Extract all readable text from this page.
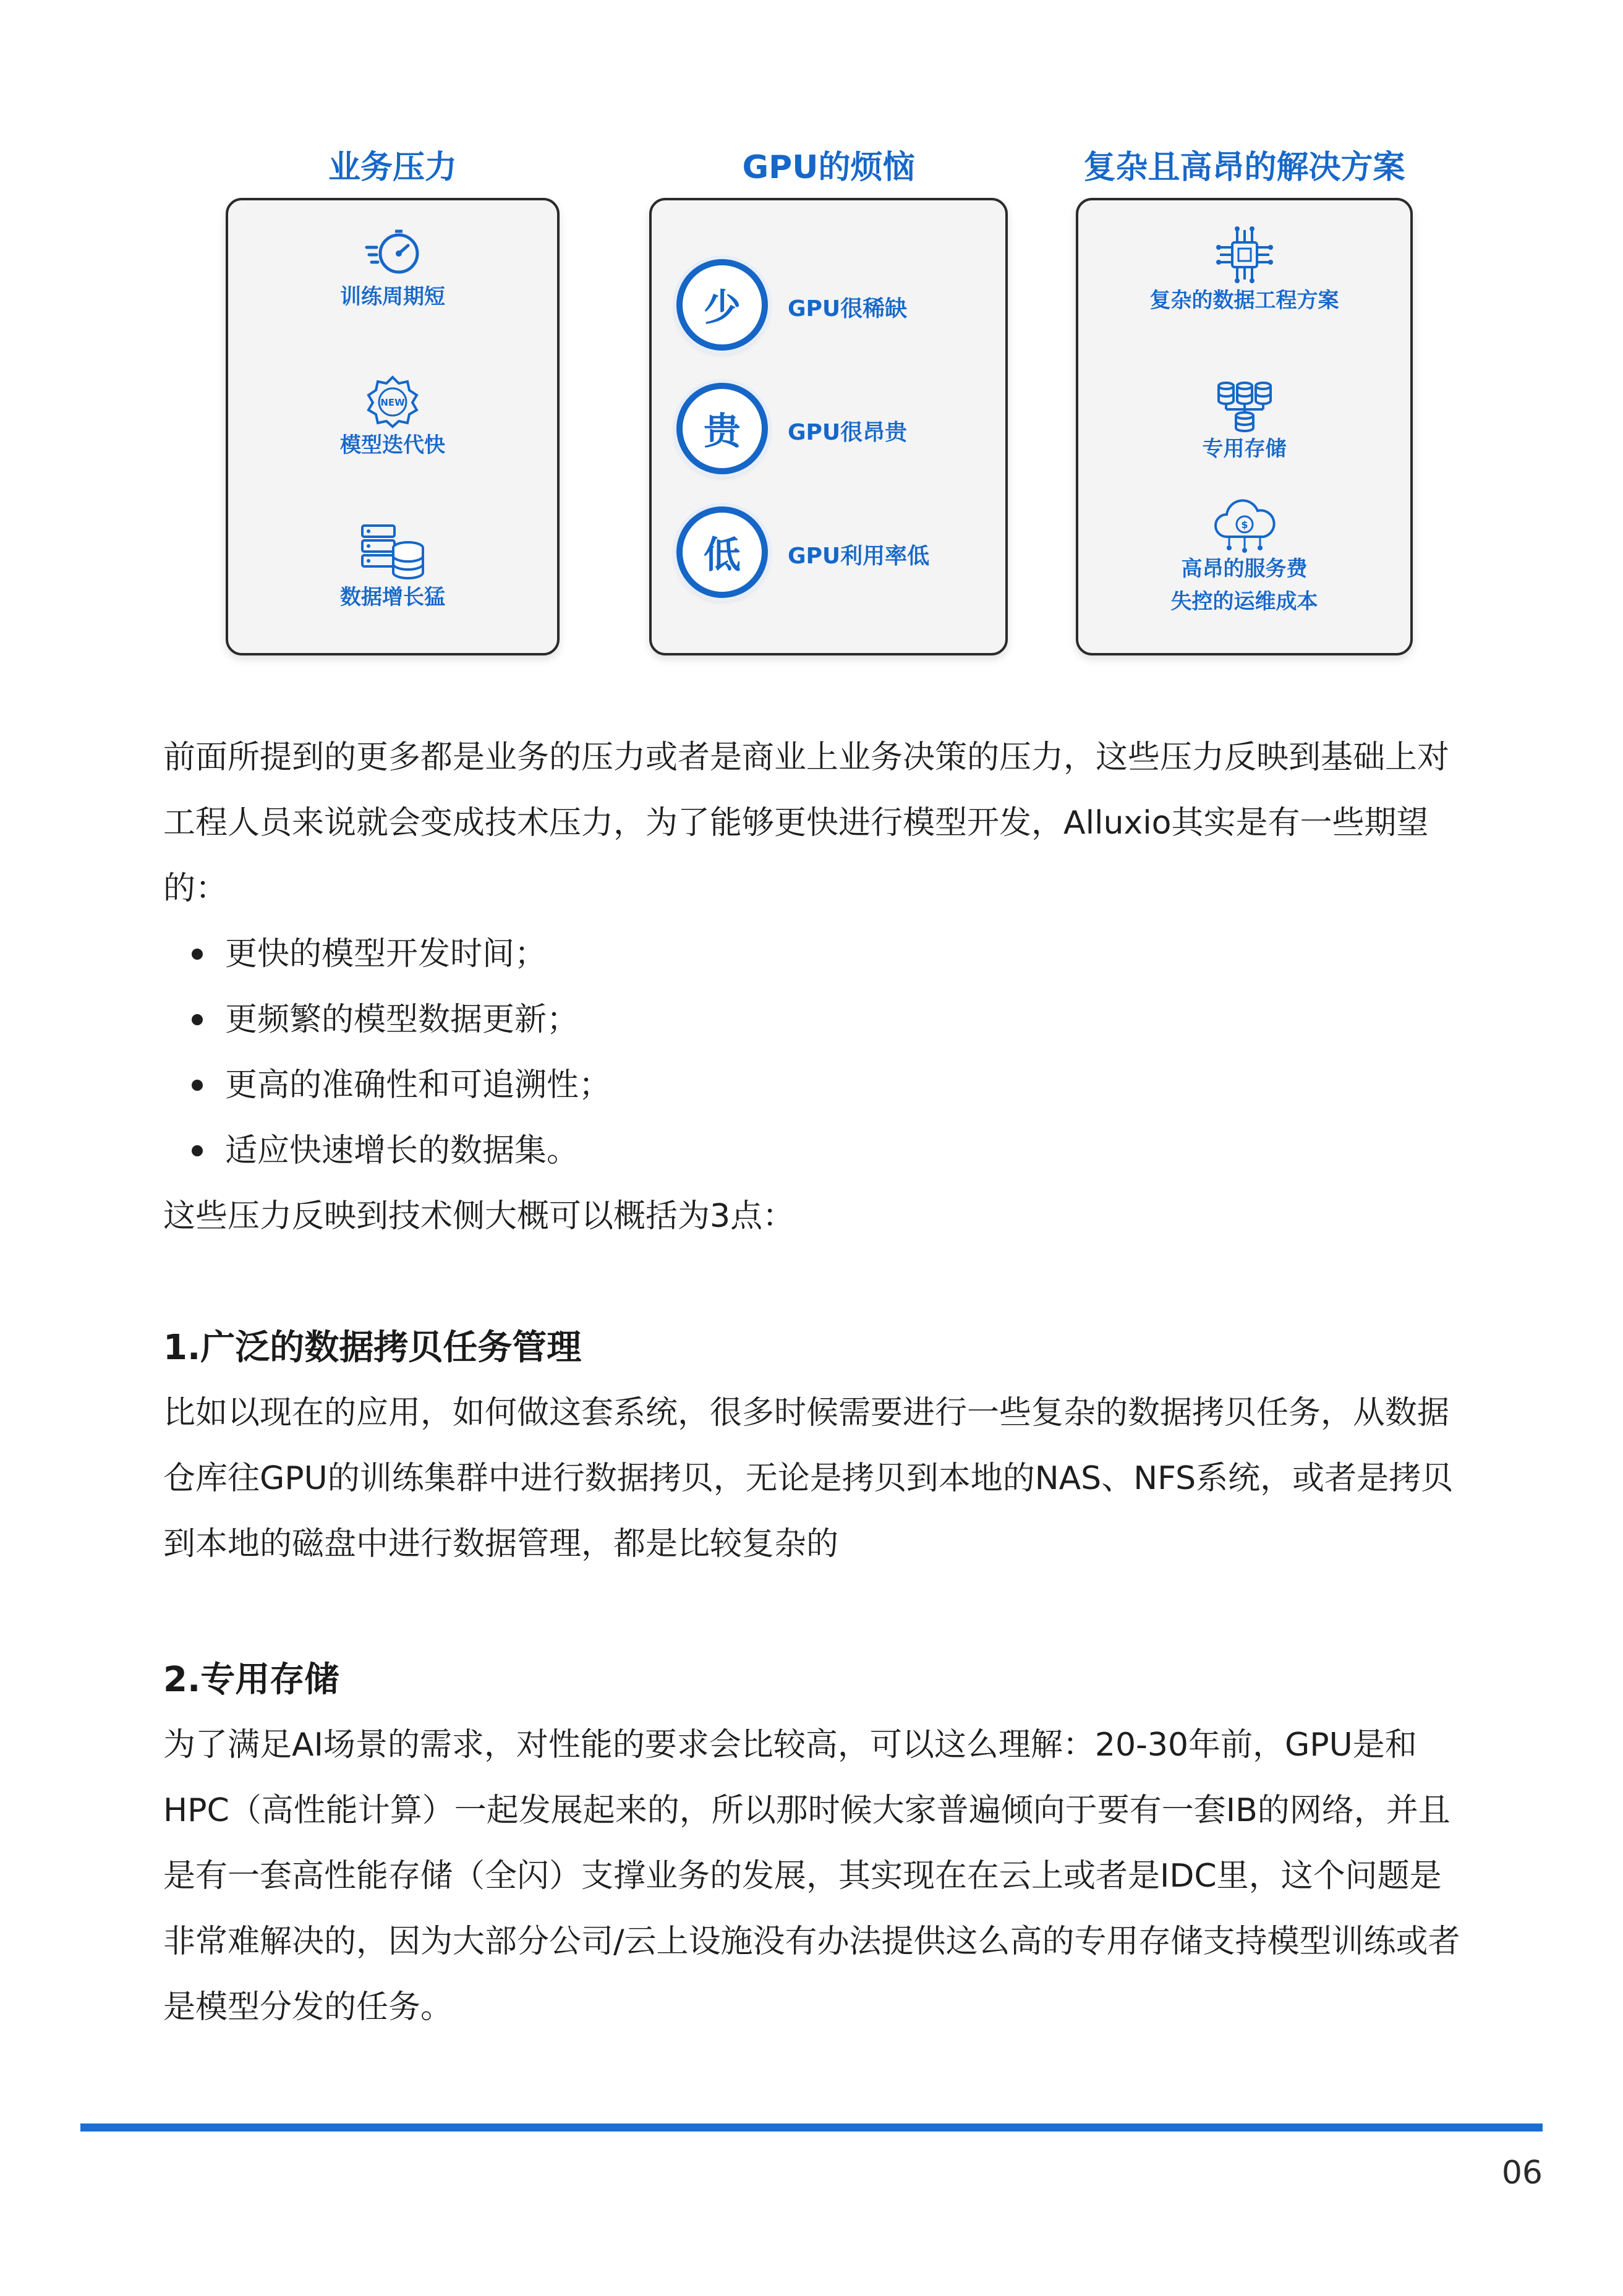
业务压力	GPU的烦恼	复杂且高昂的解决方案
训练周期短
NEW
模型迭代快
数据增长猛
少	GPU很稀缺
贵	GPU很昂贵
低	GPU利用率低
复杂的数据工程方案
专用存储
$
高昂的服务费
失控的运维成本

前面所提到的更多都是业务的压力或者是商业上业务决策的压力，这些压力反映到基础上对工程人员来说就会变成技术压力，为了能够更快进行模型开发，Alluxio其实是有一些期望的：

更快的模型开发时间；
更频繁的模型数据更新；
更高的准确性和可追溯性；
适应快速增长的数据集。

这些压力反映到技术侧大概可以概括为3点：

1.广泛的数据拷贝任务管理

比如以现在的应用，如何做这套系统，很多时候需要进行一些复杂的数据拷贝任务，从数据仓库往GPU的训练集群中进行数据拷贝，无论是拷贝到本地的NAS、NFS系统，或者是拷贝到本地的磁盘中进行数据管理，都是比较复杂的

2.专用存储

为了满足AI场景的需求，对性能的要求会比较高，可以这么理解：20-30年前，GPU是和HPC（高性能计算）一起发展起来的，所以那时候大家普遍倾向于要有一套IB的网络，并且是有一套高性能存储（全闪）支撑业务的发展，其实现在在云上或者是IDC里，这个问题是非常难解决的，因为大部分公司/云上设施没有办法提供这么高的专用存储支持模型训练或者是模型分发的任务。

06
